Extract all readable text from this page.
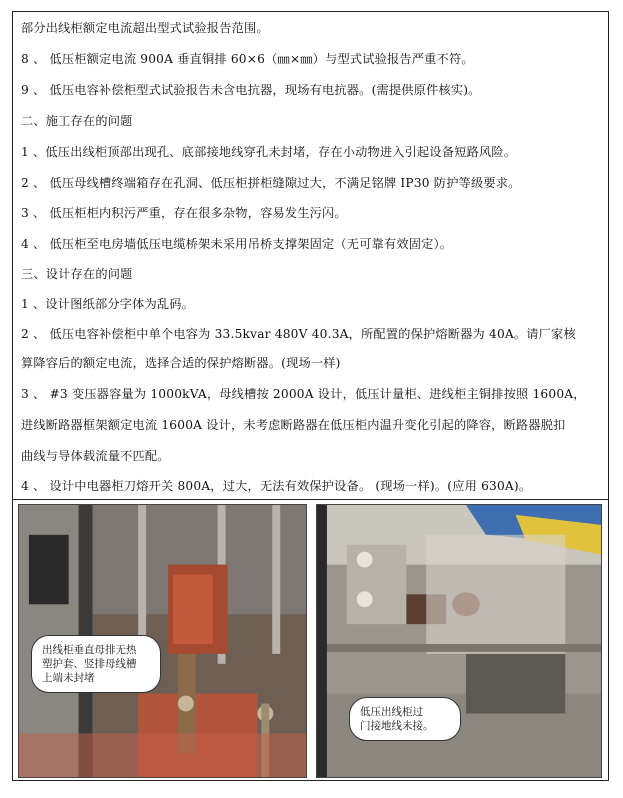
部分出线柜额定电流超出型式试验报告范围。
8 、 低压柜额定电流 900A 垂直铜排 60×6（㎜×㎜）与型式试验报告严重不符。
9 、 低压电容补偿柜型式试验报告未含电抗器，现场有电抗器。(需提供原件核实)。
二、施工存在的问题
1 、低压出线柜顶部出现孔、底部接地线穿孔未封堵，存在小动物进入引起设备短路风险。
2 、 低压母线槽终端箱存在孔洞、低压柜拼柜缝隙过大，不满足铭牌 IP30 防护等级要求。
3 、 低压柜柜内积污严重，存在很多杂物，容易发生污闪。
4 、 低压柜至电房墙低压电缆桥架未采用吊桥支撑架固定（无可靠有效固定）。
三、设计存在的问题
1 、设计图纸部分字体为乱码。
2 、 低压电容补偿柜中单个电容为 33.5kvar 480V 40.3A，所配置的保护熔断器为 40A。请厂家核
算降容后的额定电流，选择合适的保护熔断器。(现场一样)
3 、 #3 变压器容量为 1000kVA，母线槽按 2000A 设计，低压计量柜、进线柜主铜排按照 1600A，
进线断路器框架额定电流 1600A 设计，未考虑断路器在低压柜内温升变化引起的降容，断路器脱扣
曲线与导体载流量不匹配。
4 、 设计中电器柜刀熔开关 800A，过大，无法有效保护设备。 (现场一样)。(应用 630A)。
出线柜垂直母排无热
塑护套、竖排母线槽
上端未封堵
低压出线柜过
门接地线未接。
